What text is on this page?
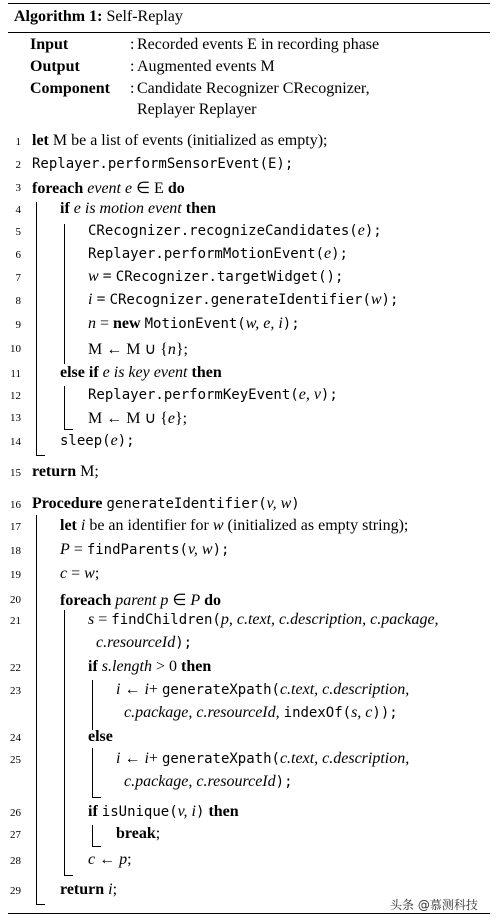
Algorithm 1: Self-Replay
Input	: Recorded events E in recording phase
Output	: Augmented events M
Component : Candidate Recognizer CRecognizer,
Replayer Replayer
1 let M be a list of events (initialized as empty);
2 Replayer.performSensorEvent(E);
3 foreach event e ∈ E do
4 if e is motion event then
5	CRecognizer.recognizeCandidates(e);
6	Replayer.performMotionEvent(e);
7	w = CRecognizer.targetWidget();
8	i = CRecognizer.generateIdentifier(w);
9	n = new MotionEvent(w, e, i);
10	M ← M ∪ {n};
11 else if e is key event then
12	Replayer.performKeyEvent(e, v);
13	M ← M ∪ {e};
14	sleep(e);
15 return M;
16 Procedure generateIdentifier(v, w)
17 let i be an identifier for w (initialized as empty string);
18 P = findParents(v, w);
19 c = w;
20 foreach parent p ∈ P do
21	s = findChildren(p, c.text, c.description, c.package,
c.resourceId);
22	if s.length > 0 then
23	i ← i+ generateXpath(c.text, c.description,
c.package, c.resourceId, indexOf(s, c));
24	else
25	i ← i+ generateXpath(c.text, c.description,
c.package, c.resourceId);
26	if isUnique(v, i) then
27	break;
28	c ← p;
29 return i;
头条 @慕测科技
